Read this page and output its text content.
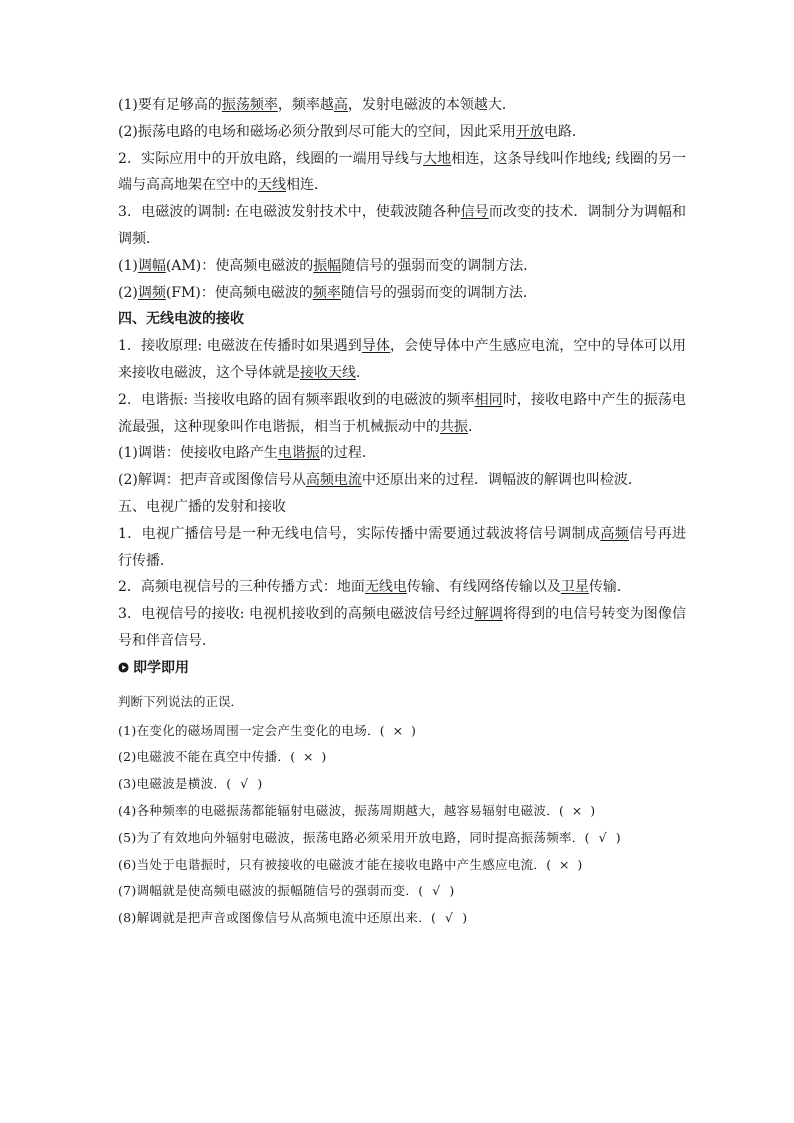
(1)要有足够高的振荡频率，频率越高，发射电磁波的本领越大．

(2)振荡电路的电场和磁场必须分散到尽可能大的空间，因此采用开放电路．

2．实际应用中的开放电路，线圈的一端用导线与大地相连，这条导线叫作地线; 线圈的另一端与高高地架在空中的天线相连．

3．电磁波的调制: 在电磁波发射技术中，使载波随各种信号而改变的技术．调制分为调幅和调频．

(1)调幅(AM)：使高频电磁波的振幅随信号的强弱而变的调制方法．

(2)调频(FM)：使高频电磁波的频率随信号的强弱而变的调制方法．

四、无线电波的接收

1．接收原理: 电磁波在传播时如果遇到导体，会使导体中产生感应电流，空中的导体可以用来接收电磁波，这个导体就是接收天线．

2．电谐振: 当接收电路的固有频率跟收到的电磁波的频率相同时，接收电路中产生的振荡电流最强，这种现象叫作电谐振，相当于机械振动中的共振．

(1)调谐：使接收电路产生电谐振的过程．

(2)解调：把声音或图像信号从高频电流中还原出来的过程．调幅波的解调也叫检波．

五、电视广播的发射和接收

1．电视广播信号是一种无线电信号，实际传播中需要通过载波将信号调制成高频信号再进行传播．

2．高频电视信号的三种传播方式：地面无线电传输、有线网络传输以及卫星传输．

3．电视信号的接收: 电视机接收到的高频电磁波信号经过解调将得到的电信号转变为图像信号和伴音信号．

即学即用

判断下列说法的正误．

(1)在变化的磁场周围一定会产生变化的电场．( × )

(2)电磁波不能在真空中传播．( × )

(3)电磁波是横波．( √ )

(4)各种频率的电磁振荡都能辐射电磁波，振荡周期越大，越容易辐射电磁波．( × )

(5)为了有效地向外辐射电磁波，振荡电路必须采用开放电路，同时提高振荡频率．( √ )

(6)当处于电谐振时，只有被接收的电磁波才能在接收电路中产生感应电流．( × )

(7)调幅就是使高频电磁波的振幅随信号的强弱而变．( √ )

(8)解调就是把声音或图像信号从高频电流中还原出来．( √ )
